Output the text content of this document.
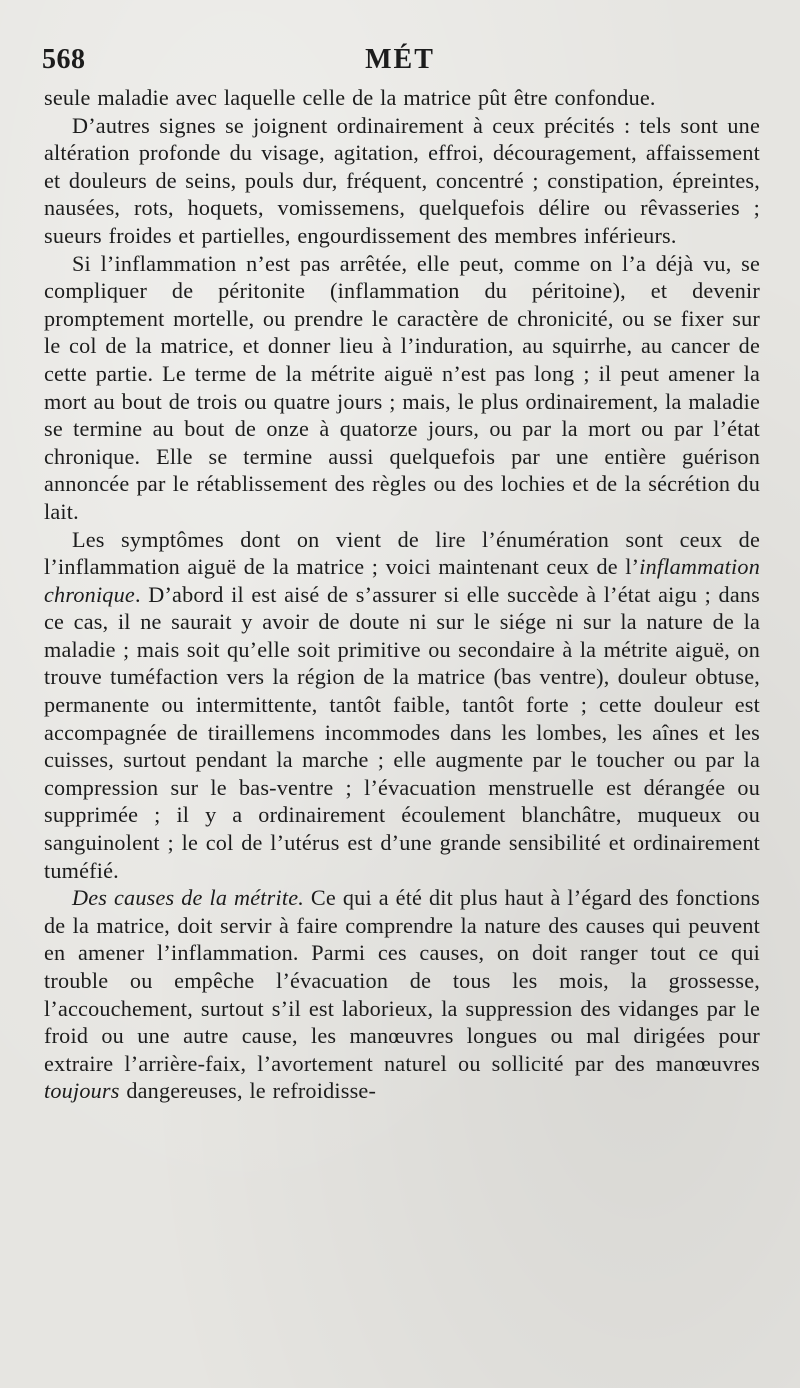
568	MÉT

seule maladie avec laquelle celle de la matrice pût être confondue.

D’autres signes se joignent ordinairement à ceux précités : tels sont une altération profonde du visage, agitation, effroi, découragement, affaissement et douleurs de seins, pouls dur, fréquent, concentré ; constipation, épreintes, nausées, rots, hoquets, vomissemens, quelquefois délire ou rêvasseries ; sueurs froides et partielles, engourdissement des membres inférieurs.

Si l’inflammation n’est pas arrêtée, elle peut, comme on l’a déjà vu, se compliquer de péritonite (inflammation du péritoine), et devenir promptement mortelle, ou prendre le caractère de chronicité, ou se fixer sur le col de la matrice, et donner lieu à l’induration, au squirrhe, au cancer de cette partie. Le terme de la métrite aiguë n’est pas long ; il peut amener la mort au bout de trois ou quatre jours ; mais, le plus ordinairement, la maladie se termine au bout de onze à quatorze jours, ou par la mort ou par l’état chronique. Elle se termine aussi quelquefois par une entière guérison annoncée par le rétablissement des règles ou des lochies et de la sécrétion du lait.

Les symptômes dont on vient de lire l’énumération sont ceux de l’inflammation aiguë de la matrice ; voici maintenant ceux de l’inflammation chronique. D’abord il est aisé de s’assurer si elle succède à l’état aigu ; dans ce cas, il ne saurait y avoir de doute ni sur le siége ni sur la nature de la maladie ; mais soit qu’elle soit primitive ou secondaire à la métrite aiguë, on trouve tuméfaction vers la région de la matrice (bas ventre), douleur obtuse, permanente ou intermittente, tantôt faible, tantôt forte ; cette douleur est accompagnée de tiraillemens incommodes dans les lombes, les aînes et les cuisses, surtout pendant la marche ; elle augmente par le toucher ou par la compression sur le bas-ventre ; l’évacuation menstruelle est dérangée ou supprimée ; il y a ordinairement écoulement blanchâtre, muqueux ou sanguinolent ; le col de l’utérus est d’une grande sensibilité et ordinairement tuméfié.

Des causes de la métrite. Ce qui a été dit plus haut à l’égard des fonctions de la matrice, doit servir à faire comprendre la nature des causes qui peuvent en amener l’inflammation. Parmi ces causes, on doit ranger tout ce qui trouble ou empêche l’évacuation de tous les mois, la grossesse, l’accouchement, surtout s’il est laborieux, la suppression des vidanges par le froid ou une autre cause, les manœuvres longues ou mal dirigées pour extraire l’arrière-faix, l’avortement naturel ou sollicité par des manœuvres toujours dangereuses, le refroidisse-
